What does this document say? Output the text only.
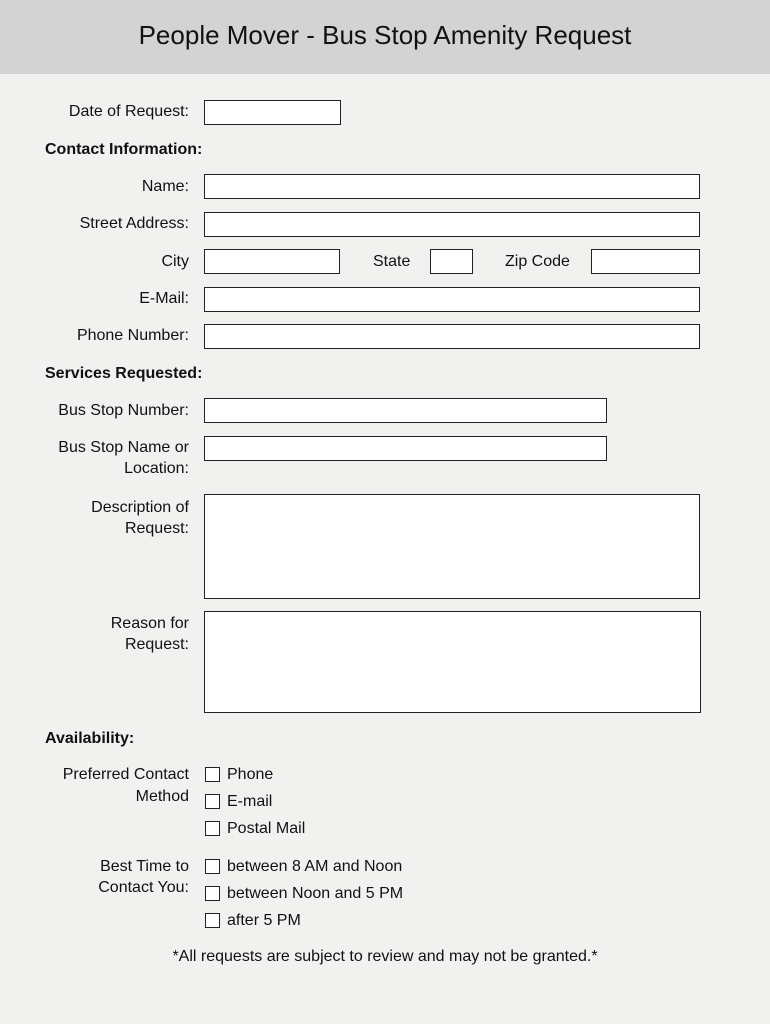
People Mover - Bus Stop Amenity Request
Date of Request:
Contact Information:
Name:
Street Address:
City	State	Zip Code
E-Mail:
Phone Number:
Services Requested:
Bus Stop Number:
Bus Stop Name or
Location:
Description of
Request:
Reason for
Request:
Availability:
Preferred Contact
Method
Phone
E-mail
Postal Mail
Best Time to
Contact You:
between 8 AM and Noon
between Noon and 5 PM
after 5 PM
*All requests are subject to review and may not be granted.*
